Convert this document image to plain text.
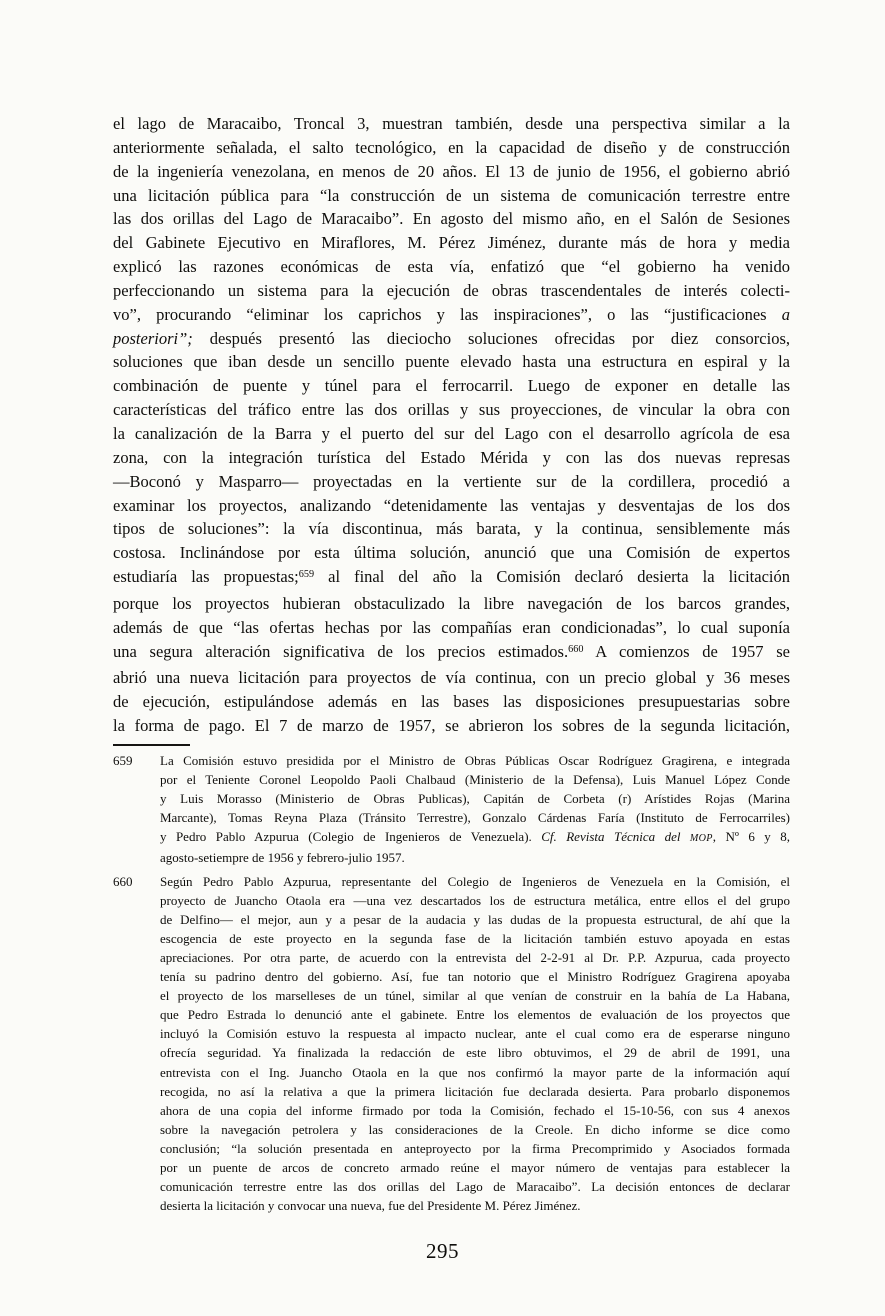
el lago de Maracaibo, Troncal 3, muestran también, desde una perspectiva similar a la
anteriormente señalada, el salto tecnológico, en la capacidad de diseño y de construcción
de la ingeniería venezolana, en menos de 20 años. El 13 de junio de 1956, el gobierno abrió
una licitación pública para “la construcción de un sistema de comunicación terrestre entre
las dos orillas del Lago de Maracaibo”. En agosto del mismo año, en el Salón de Sesiones
del Gabinete Ejecutivo en Miraflores, M. Pérez Jiménez, durante más de hora y media
explicó las razones económicas de esta vía, enfatizó que “el gobierno ha venido
perfeccionando un sistema para la ejecución de obras trascendentales de interés colecti-
vo”, procurando “eliminar los caprichos y las inspiraciones”, o las “justificaciones a
posteriori”; después presentó las dieciocho soluciones ofrecidas por diez consorcios,
soluciones que iban desde un sencillo puente elevado hasta una estructura en espiral y la
combinación de puente y túnel para el ferrocarril. Luego de exponer en detalle las
características del tráfico entre las dos orillas y sus proyecciones, de vincular la obra con
la canalización de la Barra y el puerto del sur del Lago con el desarrollo agrícola de esa
zona, con la integración turística del Estado Mérida y con las dos nuevas represas
—Boconó y Masparro— proyectadas en la vertiente sur de la cordillera, procedió a
examinar los proyectos, analizando “detenidamente las ventajas y desventajas de los dos
tipos de soluciones”: la vía discontinua, más barata, y la continua, sensiblemente más
costosa. Inclinándose por esta última solución, anunció que una Comisión de expertos
estudiaría las propuestas;$^{659}$ al final del año la Comisión declaró desierta la licitación
porque los proyectos hubieran obstaculizado la libre navegación de los barcos grandes,
además de que “las ofertas hechas por las compañías eran condicionadas”, lo cual suponía
una segura alteración significativa de los precios estimados.$^{660}$ A comienzos de 1957 se
abrió una nueva licitación para proyectos de vía continua, con un precio global y 36 meses
de ejecución, estipulándose además en las bases las disposiciones presupuestarias sobre
la forma de pago. El 7 de marzo de 1957, se abrieron los sobres de la segunda licitación,
659	La Comisión estuvo presidida por el Ministro de Obras Públicas Oscar Rodríguez Gragirena, e integrada
por el Teniente Coronel Leopoldo Paoli Chalbaud (Ministerio de la Defensa), Luis Manuel López Conde
y Luis Morasso (Ministerio de Obras Publicas), Capitán de Corbeta (r) Arístides Rojas (Marina
Marcante), Tomas Reyna Plaza (Tránsito Terrestre), Gonzalo Cárdenas Faría (Instituto de Ferrocarriles)
y Pedro Pablo Azpurua (Colegio de Ingenieros de Venezuela). Cf. Revista Técnica del MOP, Nº 6 y 8,
agosto-setiempre de 1956 y febrero-julio 1957.
660	Según Pedro Pablo Azpurua, representante del Colegio de Ingenieros de Venezuela en la Comisión, el
proyecto de Juancho Otaola era —una vez descartados los de estructura metálica, entre ellos el del grupo
de Delfino— el mejor, aun y a pesar de la audacia y las dudas de la propuesta estructural, de ahí que la
escogencia de este proyecto en la segunda fase de la licitación también estuvo apoyada en estas
apreciaciones. Por otra parte, de acuerdo con la entrevista del 2-2-91 al Dr. P.P. Azpurua, cada proyecto
tenía su padrino dentro del gobierno. Así, fue tan notorio que el Ministro Rodríguez Gragirena apoyaba
el proyecto de los marselleses de un túnel, similar al que venían de construir en la bahía de La Habana,
que Pedro Estrada lo denunció ante el gabinete. Entre los elementos de evaluación de los proyectos que
incluyó la Comisión estuvo la respuesta al impacto nuclear, ante el cual como era de esperarse ninguno
ofrecía seguridad. Ya finalizada la redacción de este libro obtuvimos, el 29 de abril de 1991, una
entrevista con el Ing. Juancho Otaola en la que nos confirmó la mayor parte de la información aquí
recogida, no así la relativa a que la primera licitación fue declarada desierta. Para probarlo disponemos
ahora de una copia del informe firmado por toda la Comisión, fechado el 15-10-56, con sus 4 anexos
sobre la navegación petrolera y las consideraciones de la Creole. En dicho informe se dice como
conclusión; “la solución presentada en anteproyecto por la firma Precomprimido y Asociados formada
por un puente de arcos de concreto armado reúne el mayor número de ventajas para establecer la
comunicación terrestre entre las dos orillas del Lago de Maracaibo”. La decisión entonces de declarar
desierta la licitación y convocar una nueva, fue del Presidente M. Pérez Jiménez.
295
